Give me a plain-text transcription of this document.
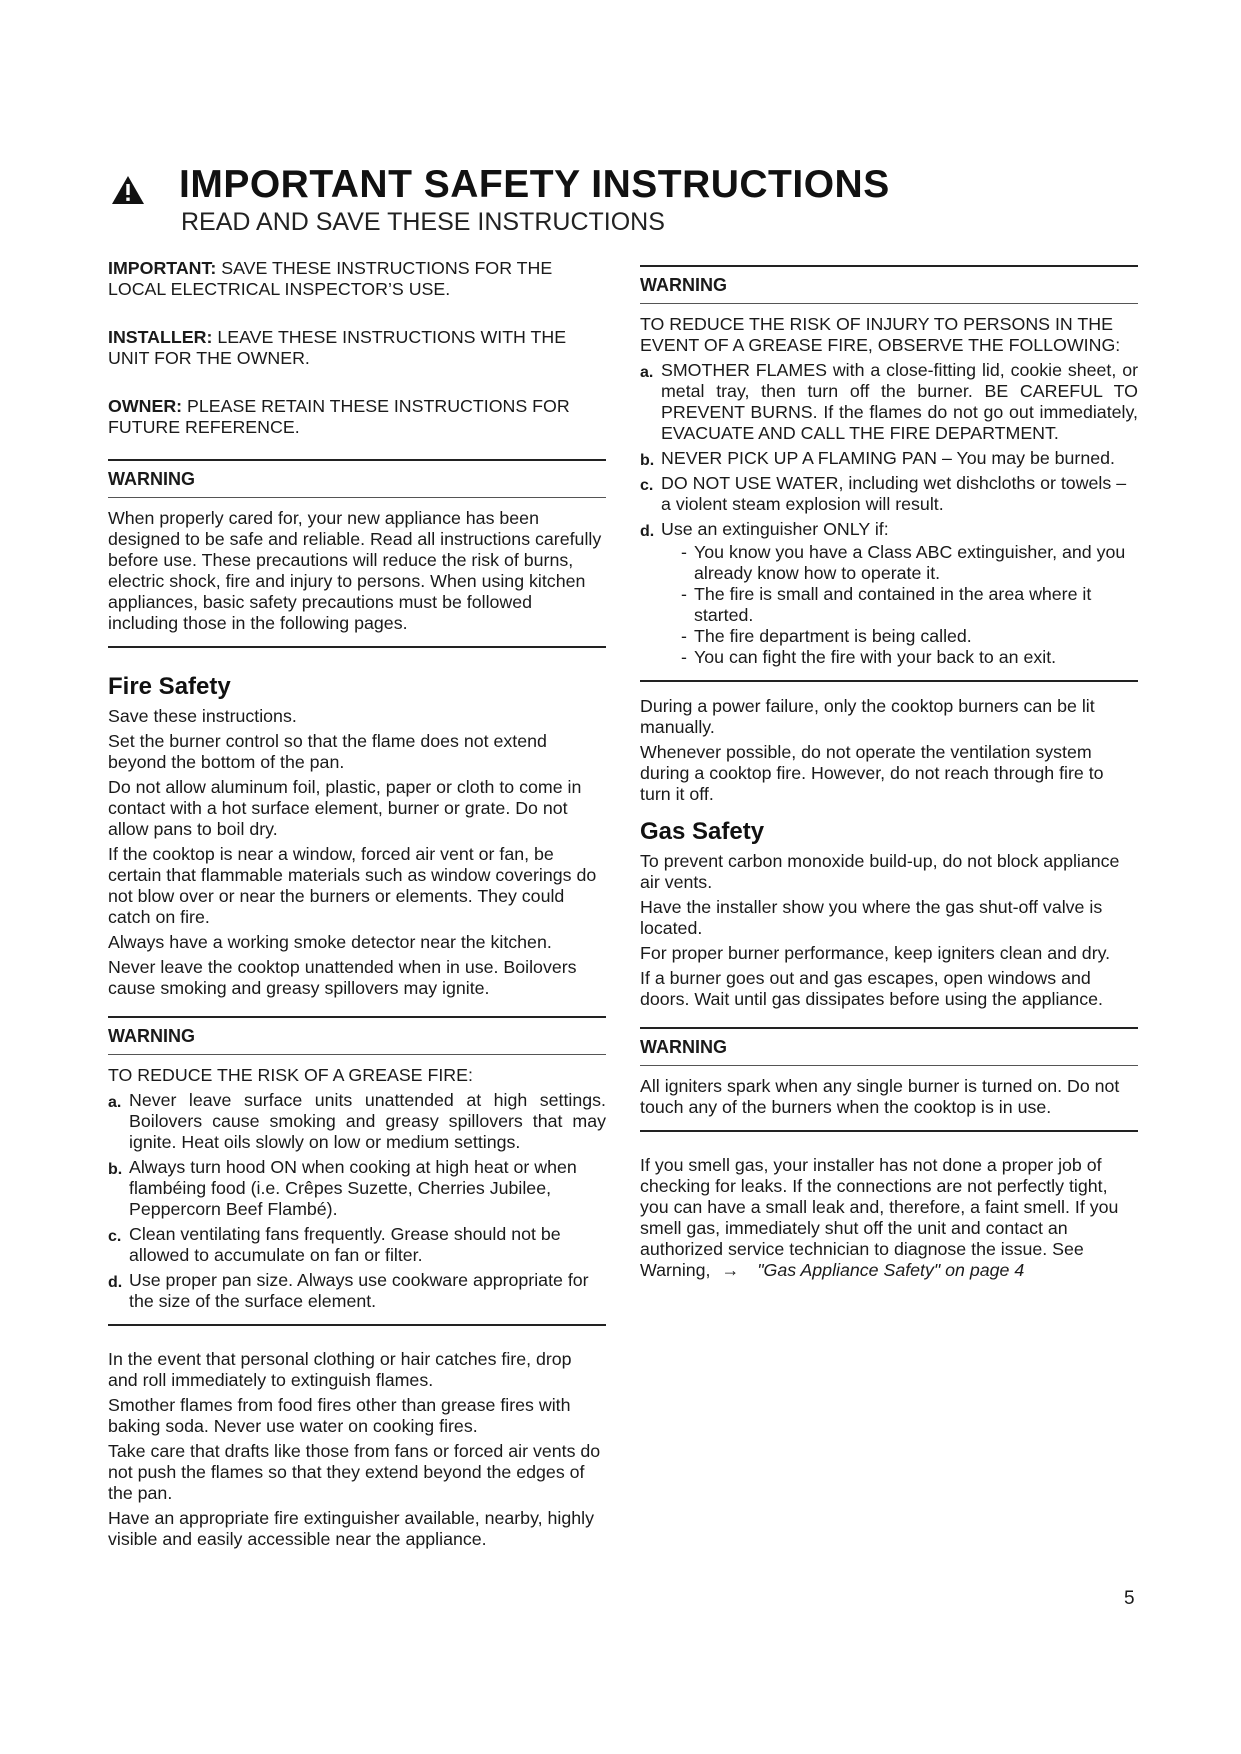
IMPORTANT SAFETY INSTRUCTIONS
READ AND SAVE THESE INSTRUCTIONS

IMPORTANT: SAVE THESE INSTRUCTIONS FOR THE LOCAL ELECTRICAL INSPECTOR’S USE.

INSTALLER: LEAVE THESE INSTRUCTIONS WITH THE UNIT FOR THE OWNER.

OWNER: PLEASE RETAIN THESE INSTRUCTIONS FOR FUTURE REFERENCE.

WARNING

When properly cared for, your new appliance has been designed to be safe and reliable. Read all instructions carefully before use. These precautions will reduce the risk of burns, electric shock, fire and injury to persons. When using kitchen appliances, basic safety precautions must be followed including those in the following pages.

Fire Safety

Save these instructions.

Set the burner control so that the flame does not extend beyond the bottom of the pan.

Do not allow aluminum foil, plastic, paper or cloth to come in contact with a hot surface element, burner or grate. Do not allow pans to boil dry.

If the cooktop is near a window, forced air vent or fan, be certain that flammable materials such as window coverings do not blow over or near the burners or elements. They could catch on fire.

Always have a working smoke detector near the kitchen.

Never leave the cooktop unattended when in use. Boilovers cause smoking and greasy spillovers may ignite.

WARNING

TO REDUCE THE RISK OF A GREASE FIRE:

a. Never leave surface units unattended at high settings. Boilovers cause smoking and greasy spillovers that may ignite. Heat oils slowly on low or medium settings.
b. Always turn hood ON when cooking at high heat or when flambéing food (i.e. Crêpes Suzette, Cherries Jubilee, Peppercorn Beef Flambé).
c. Clean ventilating fans frequently. Grease should not be allowed to accumulate on fan or filter.
d. Use proper pan size. Always use cookware appropriate for the size of the surface element.

In the event that personal clothing or hair catches fire, drop and roll immediately to extinguish flames.

Smother flames from food fires other than grease fires with baking soda. Never use water on cooking fires.

Take care that drafts like those from fans or forced air vents do not push the flames so that they extend beyond the edges of the pan.

Have an appropriate fire extinguisher available, nearby, highly visible and easily accessible near the appliance.

WARNING

TO REDUCE THE RISK OF INJURY TO PERSONS IN THE EVENT OF A GREASE FIRE, OBSERVE THE FOLLOWING:

a. SMOTHER FLAMES with a close-fitting lid, cookie sheet, or metal tray, then turn off the burner. BE CAREFUL TO PREVENT BURNS. If the flames do not go out immediately, EVACUATE AND CALL THE FIRE DEPARTMENT.
b. NEVER PICK UP A FLAMING PAN – You may be burned.
c. DO NOT USE WATER, including wet dishcloths or towels – a violent steam explosion will result.
d. Use an extinguisher ONLY if:
- You know you have a Class ABC extinguisher, and you already know how to operate it.
- The fire is small and contained in the area where it started.
- The fire department is being called.
- You can fight the fire with your back to an exit.

During a power failure, only the cooktop burners can be lit manually.

Whenever possible, do not operate the ventilation system during a cooktop fire. However, do not reach through fire to turn it off.

Gas Safety

To prevent carbon monoxide build-up, do not block appliance air vents.

Have the installer show you where the gas shut-off valve is located.

For proper burner performance, keep igniters clean and dry.

If a burner goes out and gas escapes, open windows and doors. Wait until gas dissipates before using the appliance.

WARNING

All igniters spark when any single burner is turned on. Do not touch any of the burners when the cooktop is in use.

If you smell gas, your installer has not done a proper job of checking for leaks. If the connections are not perfectly tight, you can have a small leak and, therefore, a faint smell. If you smell gas, immediately shut off the unit and contact an authorized service technician to diagnose the issue. See Warning, → "Gas Appliance Safety" on page 4

5
